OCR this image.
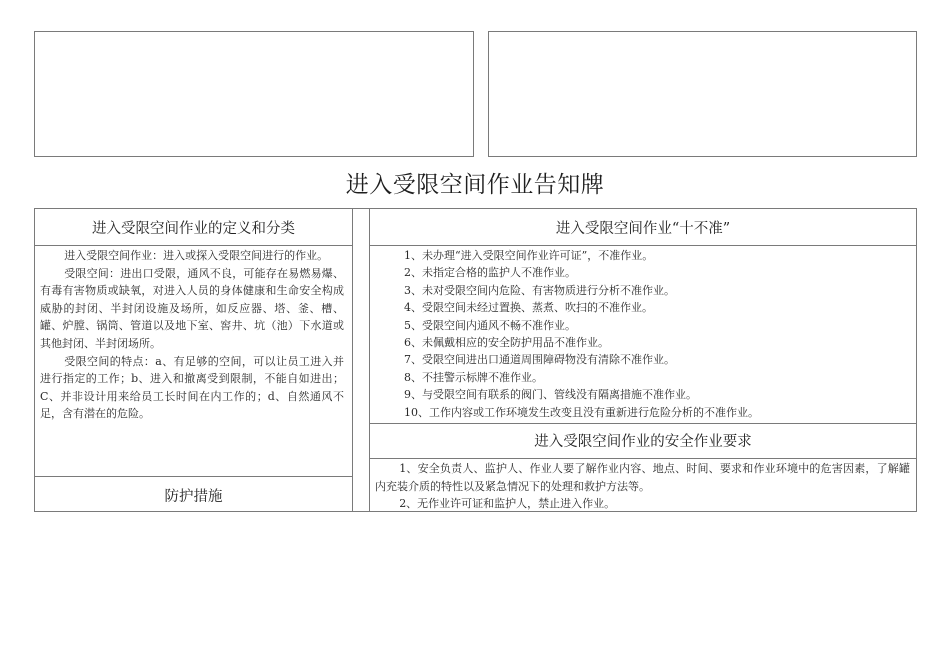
进入受限空间作业告知牌
进入受限空间作业的定义和分类

进入受限空间作业：进入或探入受限空间进行的作业。

受限空间：进出口受限，通风不良，可能存在易燃易爆、有毒有害物质或缺氧，对进入人员的身体健康和生命安全构成威胁的封闭、半封闭设施及场所，如反应器、塔、釜、槽、罐、炉膛、锅筒、管道以及地下室、窖井、坑（池）下水道或其他封闭、半封闭场所。

受限空间的特点：a、有足够的空间，可以让员工进入并进行指定的工作；b、进入和撤离受到限制，不能自如进出；C、并非设计用来给员工长时间在内工作的；d、自然通风不足，含有潜在的危险。

防护措施
进入受限空间作业“十不准”

1、未办理“进入受限空间作业许可证”，不准作业。

2、未指定合格的监护人不准作业。

3、未对受限空间内危险、有害物质进行分析不准作业。

4、受限空间未经过置换、蒸煮、吹扫的不准作业。

5、受限空间内通风不畅不准作业。

6、未佩戴相应的安全防护用品不准作业。

7、受限空间进出口通道周围障碍物没有清除不准作业。

8、不挂警示标牌不准作业。

9、与受限空间有联系的阀门、管线没有隔离措施不准作业。

10、工作内容或工作环境发生改变且没有重新进行危险分析的不准作业。

进入受限空间作业的安全作业要求

1、安全负责人、监护人、作业人要了解作业内容、地点、时间、要求和作业环境中的危害因素，了解罐内充装介质的特性以及紧急情况下的处理和救护方法等。

2、无作业许可证和监护人，禁止进入作业。
